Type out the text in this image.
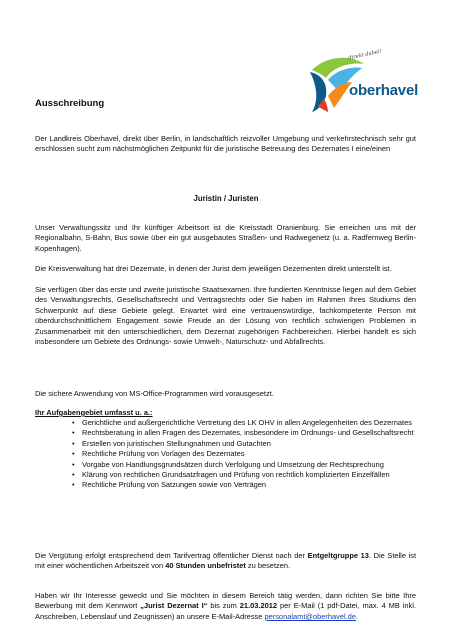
direkt dabei!
oberhavel
Ausschreibung

Der Landkreis Oberhavel, direkt über Berlin, in landschaftlich reizvoller Umgebung und verkehrstechnisch sehr gut erschlossen sucht zum nächstmöglichen Zeitpunkt für die juristische Betreuung des Dezernates I eine/einen

Juristin / Juristen

Unser Verwaltungssitz und Ihr künftiger Arbeitsort ist die Kreisstadt Oranienburg. Sie erreichen uns mit der Regionalbahn, S-Bahn, Bus sowie über ein gut ausgebautes Straßen- und Radwegenetz (u. a. Radfernweg Berlin-Kopenhagen).

Die Kreisverwaltung hat drei Dezernate, in denen der Jurist dem jeweiligen Dezernenten direkt unterstellt ist.

Sie verfügen über das erste und zweite juristische Staatsexamen. Ihre fundierten Kenntnisse liegen auf dem Gebiet des Verwaltungsrechts, Gesellschaftsrecht und Vertragsrechts oder Sie haben im Rahmen Ihres Studiums den Schwerpunkt auf diese Gebiete gelegt. Erwartet wird eine vertrauenswürdige, fachkompetente Person mit überdurchschnittlichem Engagement sowie Freude an der Lösung von rechtlich schwierigen Problemen in Zusammenarbeit mit den unterschiedlichen, dem Dezernat zugehörigen Fachbereichen. Hierbei handelt es sich insbesondere um Gebiete des Ordnungs- sowie Umwelt-, Naturschutz- und Abfallrechts.

Die sichere Anwendung von MS-Office-Programmen wird vorausgesetzt.

Ihr Aufgabengebiet umfasst u. a.:

• Gerichtliche und außergerichtliche Vertretung des LK OHV in allen Angelegenheiten des Dezernates
• Rechtsberatung in allen Fragen des Dezernates, insbesondere im Ordnungs- und Gesellschaftsrecht
• Erstellen von juristischen Stellungnahmen und Gutachten
• Rechtliche Prüfung von Vorlagen des Dezernates
• Vorgabe von Handlungsgrundsätzen durch Verfolgung und Umsetzung der Rechtsprechung
• Klärung von rechtlichen Grundsatzfragen und Prüfung von rechtlich komplizierten Einzelfällen
• Rechtliche Prüfung von Satzungen sowie von Verträgen

Die Vergütung erfolgt entsprechend dem Tarifvertrag öffentlicher Dienst nach der Entgeltgruppe 13. Die Stelle ist mit einer wöchentlichen Arbeitszeit von 40 Stunden unbefristet zu besetzen.

Haben wir Ihr Interesse geweckt und Sie möchten in diesem Bereich tätig werden, dann richten Sie bitte Ihre Bewerbung mit dem Kennwort „Jurist Dezernat I“ bis zum 21.03.2012 per E-Mail (1 pdf-Datei, max. 4 MB inkl. Anschreiben, Lebenslauf und Zeugnissen) an unsere E-Mail-Adresse personalamt@oberhavel.de.
